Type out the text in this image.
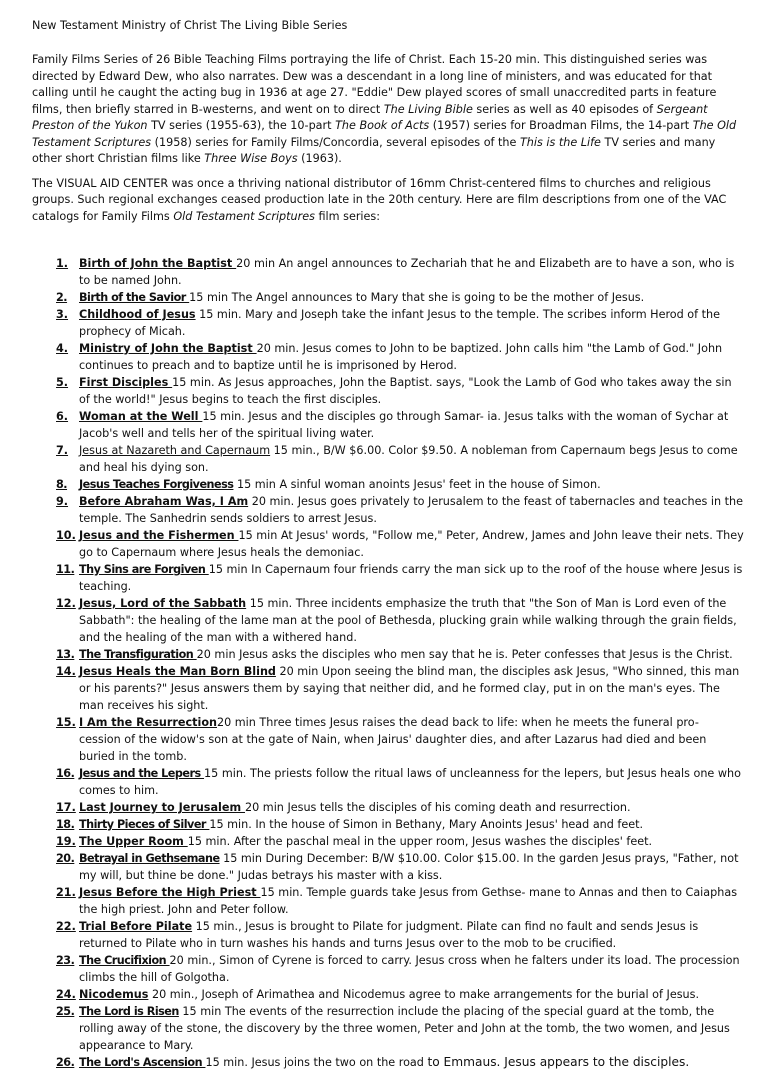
New Testament Ministry of Christ The Living Bible Series

Family Films Series of 26 Bible Teaching Films portraying the life of Christ. Each 15-20 min. This distinguished series was directed by Edward Dew, who also narrates. Dew was a descendant in a long line of ministers, and was educated for that calling until he caught the acting bug in 1936 at age 27. "Eddie" Dew played scores of small unaccredited parts in feature films, then briefly starred in B-westerns, and went on to direct The Living Bible series as well as 40 episodes of Sergeant Preston of the Yukon TV series (1955-63), the 10-part The Book of Acts (1957) series for Broadman Films, the 14-part The Old Testament Scriptures (1958) series for Family Films/Concordia, several episodes of the This is the Life TV series and many other short Christian films like Three Wise Boys (1963).

The VISUAL AID CENTER was once a thriving national distributor of 16mm Christ-centered films to churches and religious groups. Such regional exchanges ceased production late in the 20th century. Here are film descriptions from one of the VAC catalogs for Family Films Old Testament Scriptures film series:

1. Birth of John the Baptist 20 min An angel announces to Zechariah that he and Elizabeth are to have a son, who is to be named John.
2. Birth of the Savior 15 min The Angel announces to Mary that she is going to be the mother of Jesus.
3. Childhood of Jesus 15 min. Mary and Joseph take the infant Jesus to the temple. The scribes inform Herod of the prophecy of Micah.
4. Ministry of John the Baptist 20 min. Jesus comes to John to be baptized. John calls him "the Lamb of God." John continues to preach and to baptize until he is imprisoned by Herod.
5. First Disciples 15 min. As Jesus approaches, John the Baptist. says, "Look the Lamb of God who takes away the sin of the world!" Jesus begins to teach the first disciples.
6. Woman at the Well 15 min. Jesus and the disciples go through Samar- ia. Jesus talks with the woman of Sychar at Jacob's well and tells her of the spiritual living water.
7. Jesus at Nazareth and Capernaum 15 min., B/W $6.00. Color $9.50. A nobleman from Capernaum begs Jesus to come and heal his dying son.
8. Jesus Teaches Forgiveness 15 min A sinful woman anoints Jesus' feet in the house of Simon.
9. Before Abraham Was, I Am 20 min. Jesus goes privately to Jerusalem to the feast of tabernacles and teaches in the temple. The Sanhedrin sends soldiers to arrest Jesus.
10. Jesus and the Fishermen 15 min At Jesus' words, "Follow me," Peter, Andrew, James and John leave their nets. They go to Capernaum where Jesus heals the demoniac.
11. Thy Sins are Forgiven 15 min In Capernaum four friends carry the man sick up to the roof of the house where Jesus is teaching.
12. Jesus, Lord of the Sabbath 15 min. Three incidents emphasize the truth that "the Son of Man is Lord even of the Sabbath": the healing of the lame man at the pool of Bethesda, plucking grain while walking through the grain fields, and the healing of the man with a withered hand.
13. The Transfiguration 20 min Jesus asks the disciples who men say that he is. Peter confesses that Jesus is the Christ.
14. Jesus Heals the Man Born Blind 20 min Upon seeing the blind man, the disciples ask Jesus, "Who sinned, this man or his parents?" Jesus answers them by saying that neither did, and he formed clay, put in on the man's eyes. The man receives his sight.
15. I Am the Resurrection20 min Three times Jesus raises the dead back to life: when he meets the funeral pro- cession of the widow's son at the gate of Nain, when Jairus' daughter dies, and after Lazarus had died and been buried in the tomb.
16. Jesus and the Lepers 15 min. The priests follow the ritual laws of uncleanness for the lepers, but Jesus heals one who comes to him.
17. Last Journey to Jerusalem 20 min Jesus tells the disciples of his coming death and resurrection.
18. Thirty Pieces of Silver 15 min. In the house of Simon in Bethany, Mary Anoints Jesus' head and feet.
19. The Upper Room 15 min. After the paschal meal in the upper room, Jesus washes the disciples' feet.
20. Betrayal in Gethsemane 15 min During December: B/W $10.00. Color $15.00. In the garden Jesus prays, "Father, not my will, but thine be done." Judas betrays his master with a kiss.
21. Jesus Before the High Priest 15 min. Temple guards take Jesus from Gethse- mane to Annas and then to Caiaphas the high priest. John and Peter follow.
22. Trial Before Pilate 15 min., Jesus is brought to Pilate for judgment. Pilate can find no fault and sends Jesus is returned to Pilate who in turn washes his hands and turns Jesus over to the mob to be crucified.
23. The Crucifixion 20 min., Simon of Cyrene is forced to carry. Jesus cross when he falters under its load. The procession climbs the hill of Golgotha.
24. Nicodemus 20 min., Joseph of Arimathea and Nicodemus agree to make arrangements for the burial of Jesus.
25. The Lord is Risen 15 min The events of the resurrection include the placing of the special guard at the tomb, the rolling away of the stone, the discovery by the three women, Peter and John at the tomb, the two women, and Jesus appearance to Mary.
26. The Lord's Ascension 15 min. Jesus joins the two on the road to Emmaus. Jesus appears to the disciples.
